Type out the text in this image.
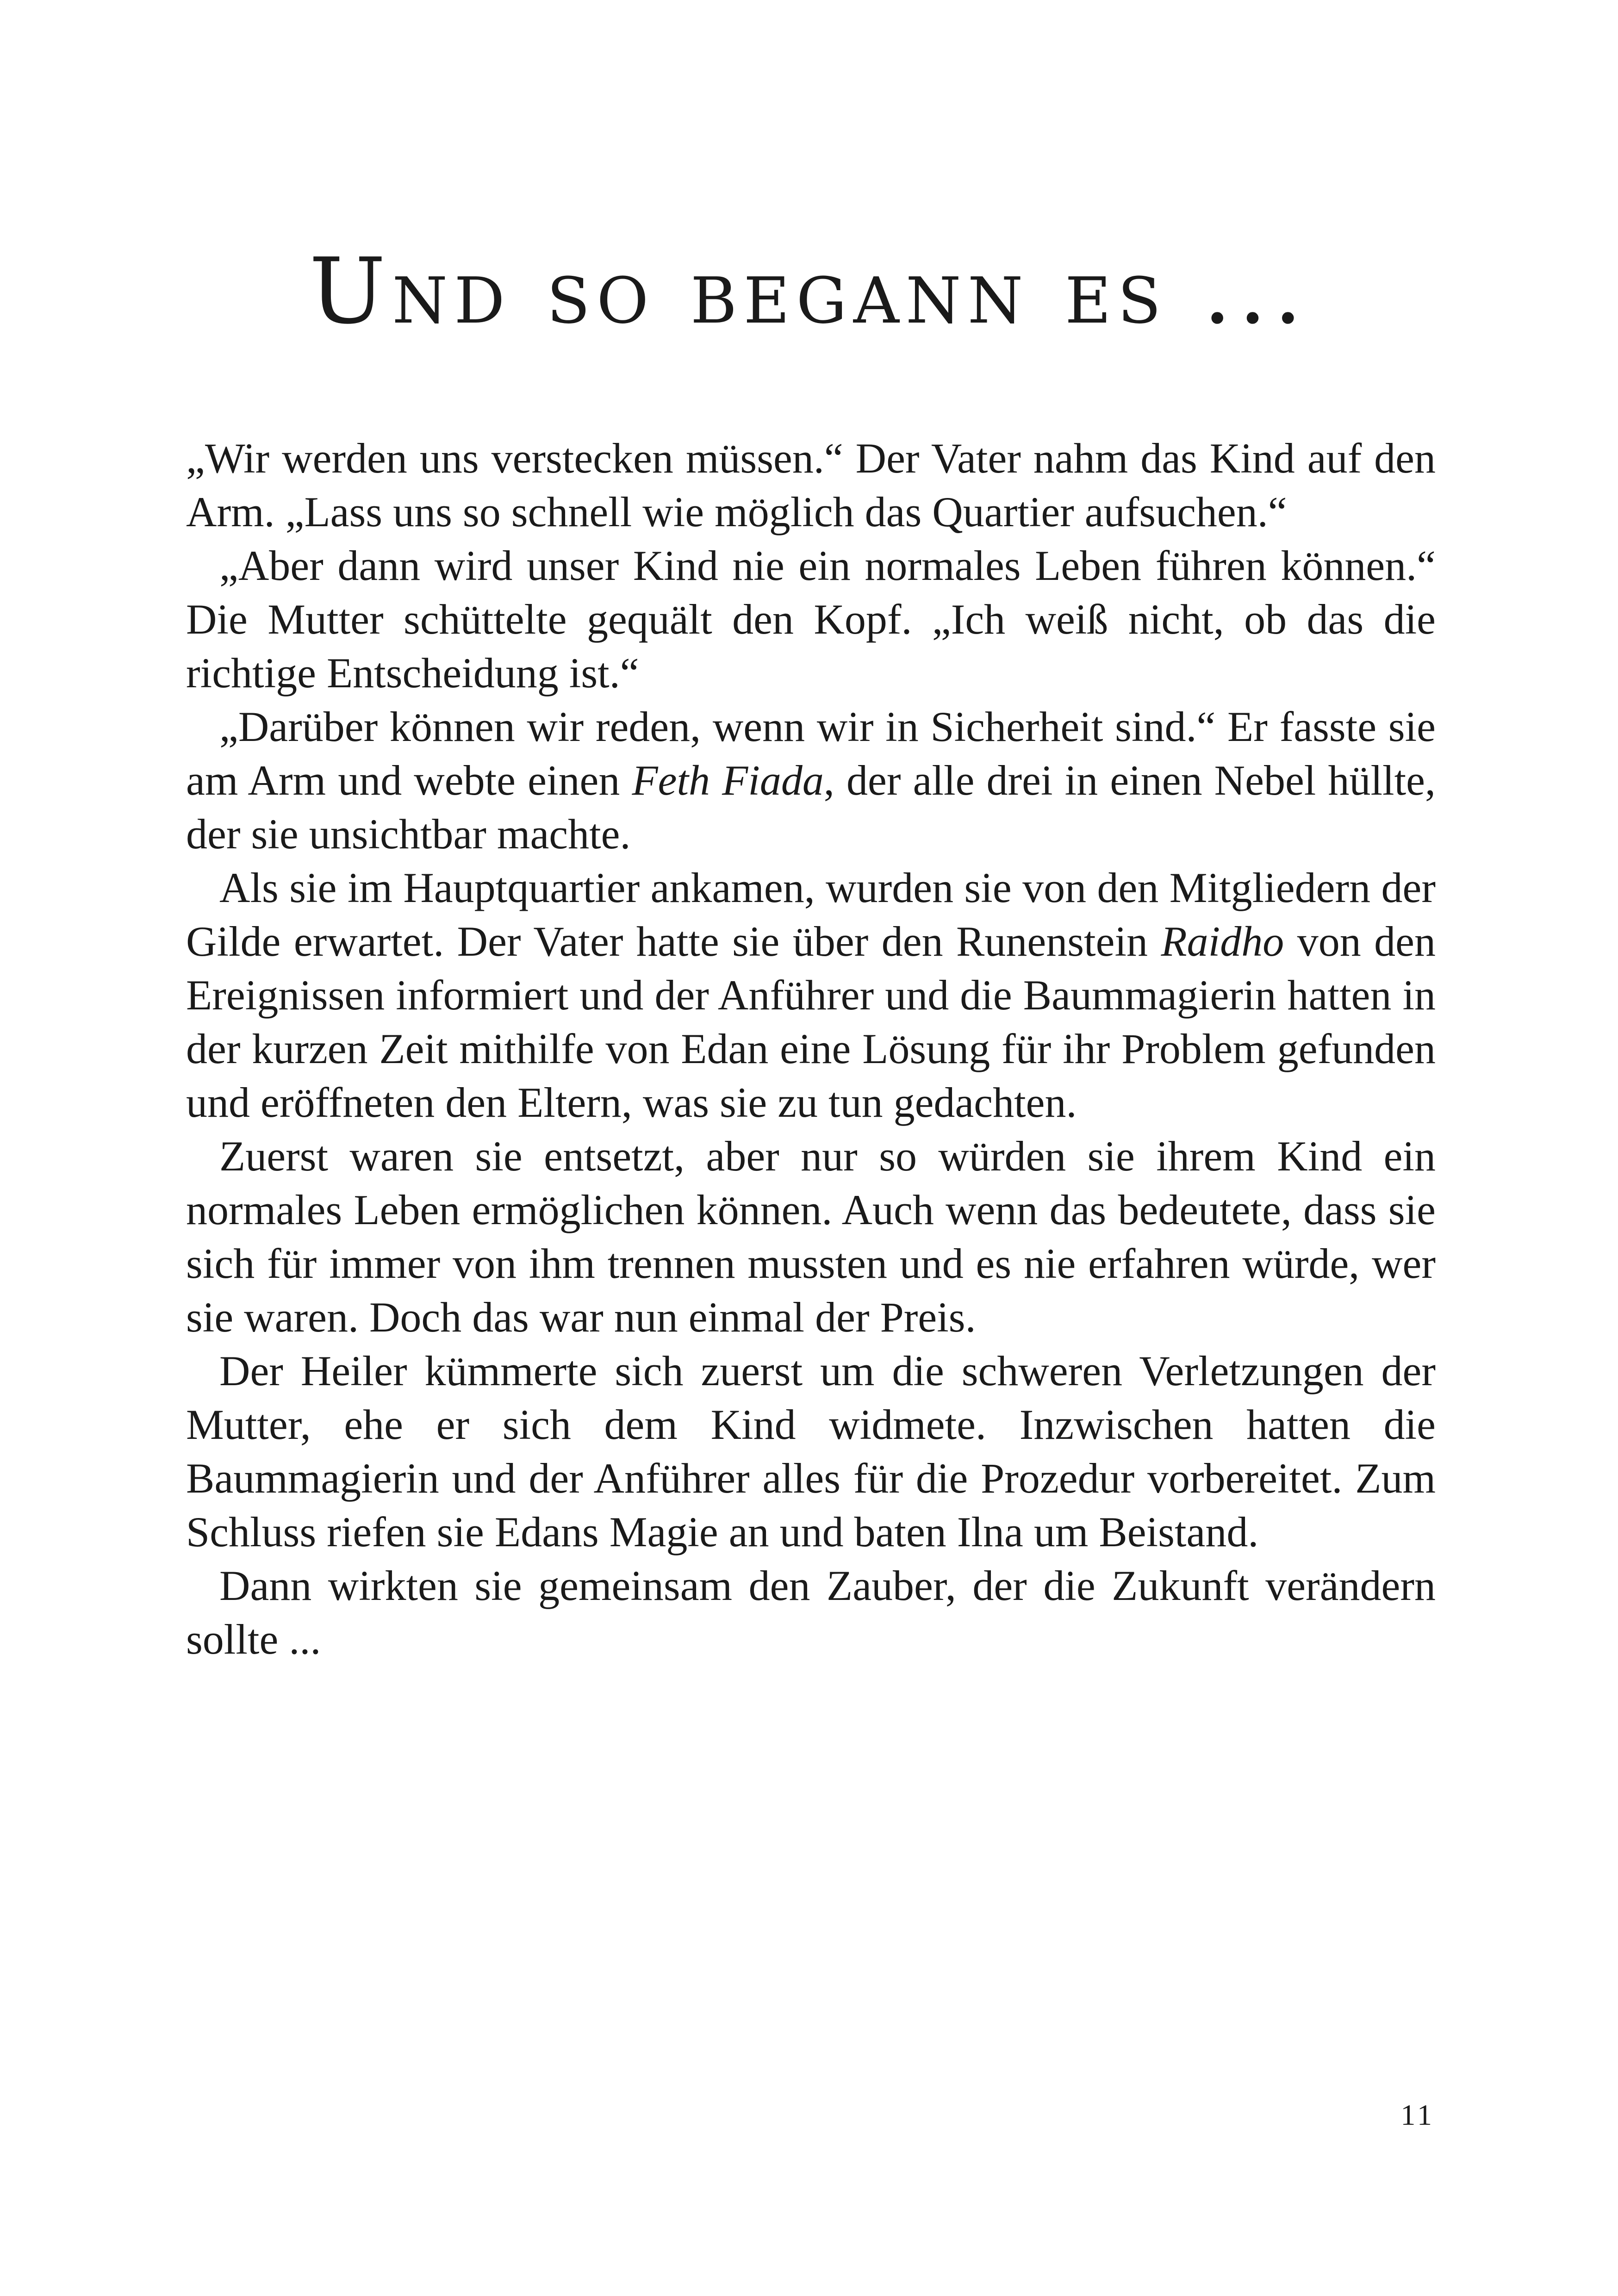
Und so begann es ...

„Wir werden uns verstecken müssen.“ Der Vater nahm das Kind auf den Arm. „Lass uns so schnell wie möglich das Quartier aufsuchen.“

„Aber dann wird unser Kind nie ein normales Leben führen können.“ Die Mutter schüttelte gequält den Kopf. „Ich weiß nicht, ob das die richtige Entscheidung ist.“

„Darüber können wir reden, wenn wir in Sicherheit sind.“ Er fasste sie am Arm und webte einen Feth Fiada, der alle drei in einen Nebel hüllte, der sie unsichtbar machte.

Als sie im Hauptquartier ankamen, wurden sie von den Mitgliedern der Gilde erwartet. Der Vater hatte sie über den Runenstein Raidho von den Ereignissen informiert und der Anführer und die Baummagierin hatten in der kurzen Zeit mithilfe von Edan eine Lösung für ihr Problem gefunden und eröffneten den Eltern, was sie zu tun gedachten.

Zuerst waren sie entsetzt, aber nur so würden sie ihrem Kind ein normales Leben ermöglichen können. Auch wenn das bedeutete, dass sie sich für immer von ihm trennen mussten und es nie erfahren würde, wer sie waren. Doch das war nun einmal der Preis.

Der Heiler kümmerte sich zuerst um die schweren Verletzungen der Mutter, ehe er sich dem Kind widmete. Inzwischen hatten die Baummagierin und der Anführer alles für die Prozedur vorbereitet. Zum Schluss riefen sie Edans Magie an und baten Ilna um Beistand.

Dann wirkten sie gemeinsam den Zauber, der die Zukunft verändern sollte ...

11
